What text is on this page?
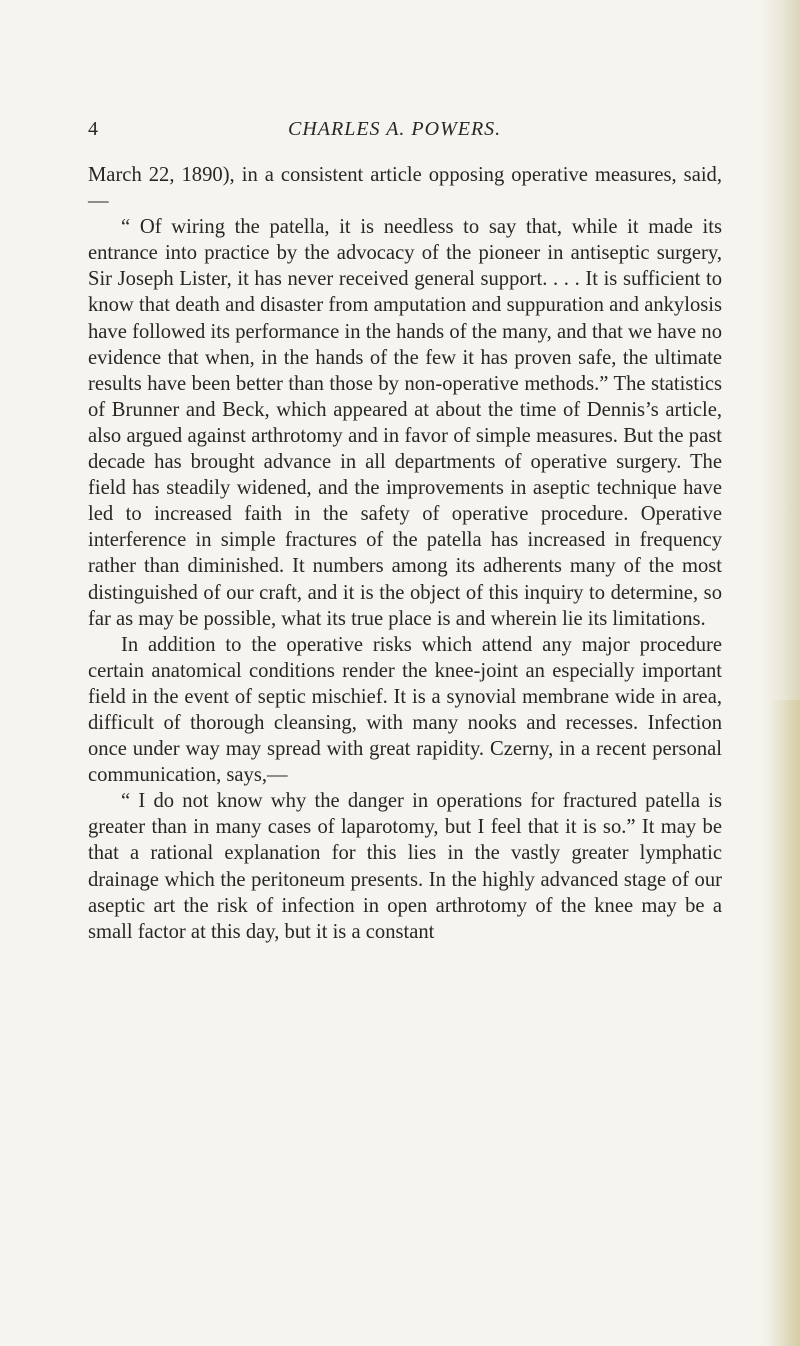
4	CHARLES A. POWERS.

March 22, 1890), in a consistent article opposing operative measures, said,—

“ Of wiring the patella, it is needless to say that, while it made its entrance into practice by the advocacy of the pioneer in antiseptic surgery, Sir Joseph Lister, it has never received general support. . . . It is sufficient to know that death and disaster from amputation and suppuration and ankylosis have followed its performance in the hands of the many, and that we have no evidence that when, in the hands of the few it has proven safe, the ultimate results have been better than those by non-operative methods.” The statistics of Brunner and Beck, which appeared at about the time of Dennis’s article, also argued against arthrotomy and in favor of simple measures. But the past decade has brought advance in all departments of operative surgery. The field has steadily widened, and the improvements in aseptic technique have led to increased faith in the safety of operative procedure. Operative interference in simple fractures of the patella has increased in frequency rather than diminished. It numbers among its adherents many of the most distinguished of our craft, and it is the object of this inquiry to determine, so far as may be possible, what its true place is and wherein lie its limitations.

In addition to the operative risks which attend any major procedure certain anatomical conditions render the knee-joint an especially important field in the event of septic mischief. It is a synovial membrane wide in area, difficult of thorough cleansing, with many nooks and recesses. Infection once under way may spread with great rapidity. Czerny, in a recent personal communication, says,—

“ I do not know why the danger in operations for fractured patella is greater than in many cases of laparotomy, but I feel that it is so.” It may be that a rational explanation for this lies in the vastly greater lymphatic drainage which the peritoneum presents. In the highly advanced stage of our aseptic art the risk of infection in open arthrotomy of the knee may be a small factor at this day, but it is a constant
